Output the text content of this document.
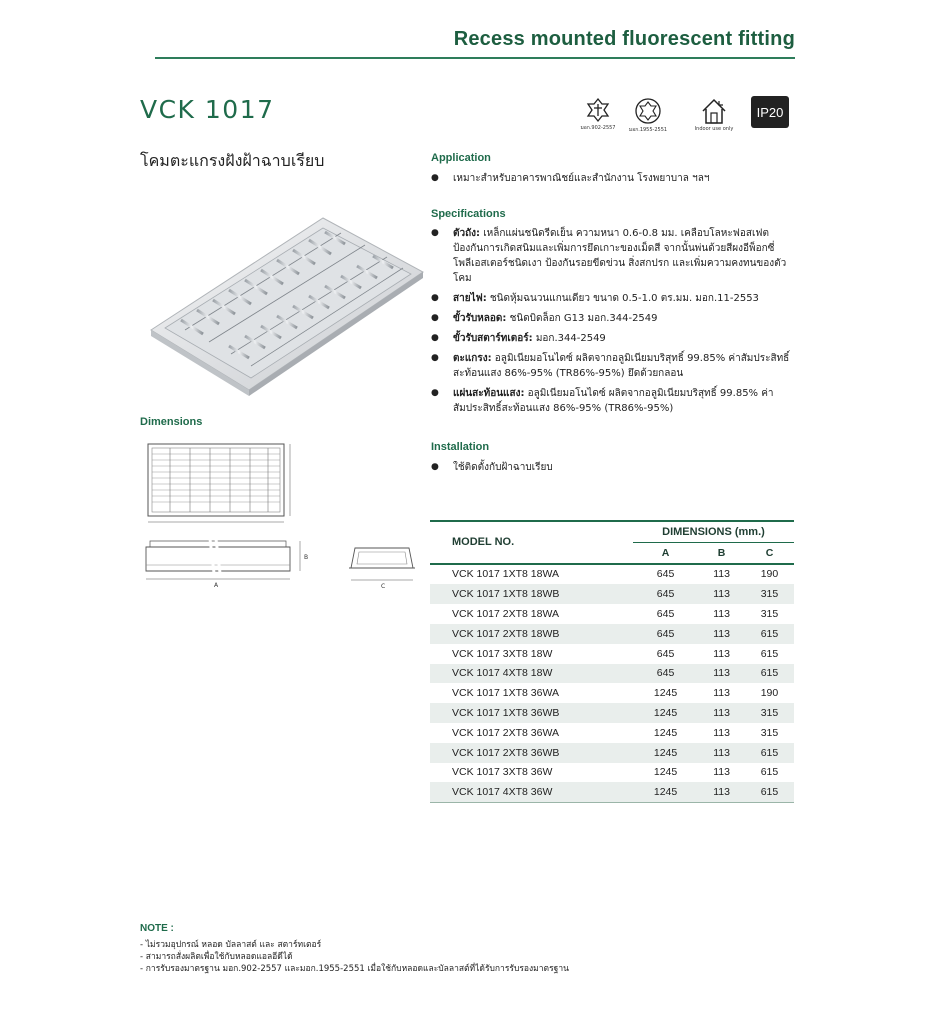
Recess mounted fluorescent fitting
VCK 1017
โคมตะแกรงฝังฝ้าฉาบเรียบ
มอก.902-2557	มอก.1955-2551	Indoor use only
IP20
Dimensions
B
A	C
Application
●	เหมาะสำหรับอาคารพาณิชย์และสำนักงาน โรงพยาบาล ฯลฯ
Specifications
●	ตัวถัง: เหล็กแผ่นชนิดรีดเย็น ความหนา 0.6-0.8 มม. เคลือบโลหะฟอสเฟต ป้องกันการเกิดสนิมและเพิ่มการยึดเกาะของเม็ดสี จากนั้นพ่นด้วยสีผงอีพ็อกซี่ โพลีเอสเตอร์ชนิดเงา ป้องกันรอยขีดข่วน สิ่งสกปรก และเพิ่มความคงทนของตัวโคม
●	สายไฟ: ชนิดหุ้มฉนวนแกนเดียว ขนาด 0.5-1.0 ตร.มม. มอก.11-2553
●	ขั้วรับหลอด: ชนิดบิดล็อก G13 มอก.344-2549
●	ขั้วรับสตาร์ทเตอร์: มอก.344-2549
●	ตะแกรง: อลูมิเนียมอโนไดซ์ ผลิตจากอลูมิเนียมบริสุทธิ์ 99.85% ค่าสัมประสิทธิ์สะท้อนแสง 86%-95% (TR86%-95%) ยึดด้วยกลอน
●	แผ่นสะท้อนแสง: อลูมิเนียมอโนไดซ์ ผลิตจากอลูมิเนียมบริสุทธิ์ 99.85% ค่าสัมประสิทธิ์สะท้อนแสง 86%-95% (TR86%-95%)
Installation
●	ใช้ติดตั้งกับฝ้าฉาบเรียบ
MODEL NO.	DIMENSIONS (mm.)		
	A	B	C
VCK 1017 1XT8 18WA	645	113	190
VCK 1017 1XT8 18WB	645	113	315
VCK 1017 2XT8 18WA	645	113	315
VCK 1017 2XT8 18WB	645	113	615
VCK 1017 3XT8 18W	645	113	615
VCK 1017 4XT8 18W	645	113	615
VCK 1017 1XT8 36WA	1245	113	190
VCK 1017 1XT8 36WB	1245	113	315
VCK 1017 2XT8 36WA	1245	113	315
VCK 1017 2XT8 36WB	1245	113	615
VCK 1017 3XT8 36W	1245	113	615
VCK 1017 4XT8 36W	1245	113	615
NOTE :
- ไม่รวมอุปกรณ์ หลอด บัลลาสต์ และ สตาร์ทเตอร์
- สามารถสั่งผลิตเพื่อใช้กับหลอดแอลอีดีได้
- การรับรองมาตรฐาน มอก.902-2557 และมอก.1955-2551 เมื่อใช้กับหลอดและบัลลาสต์ที่ได้รับการรับรองมาตรฐาน
